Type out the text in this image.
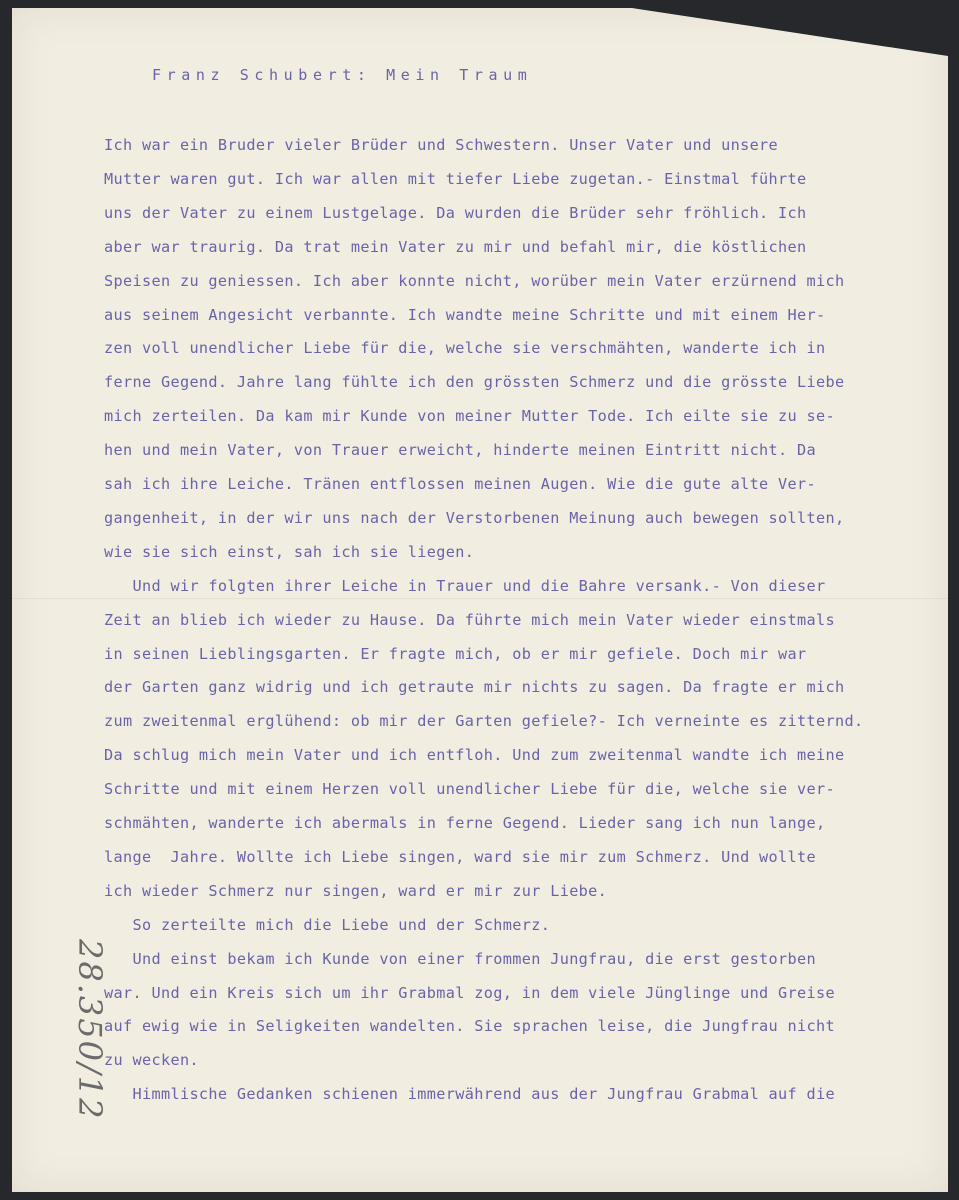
Franz Schubert: Mein Traum
Ich war ein Bruder vieler Brüder und Schwestern. Unser Vater und unsere
Mutter waren gut. Ich war allen mit tiefer Liebe zugetan.- Einstmal führte
uns der Vater zu einem Lustgelage. Da wurden die Brüder sehr fröhlich. Ich
aber war traurig. Da trat mein Vater zu mir und befahl mir, die köstlichen
Speisen zu geniessen. Ich aber konnte nicht, worüber mein Vater erzürnend mich
aus seinem Angesicht verbannte. Ich wandte meine Schritte und mit einem Her-
zen voll unendlicher Liebe für die, welche sie verschmähten, wanderte ich in
ferne Gegend. Jahre lang fühlte ich den grössten Schmerz und die grösste Liebe
mich zerteilen. Da kam mir Kunde von meiner Mutter Tode. Ich eilte sie zu se-
hen und mein Vater, von Trauer erweicht, hinderte meinen Eintritt nicht. Da
sah ich ihre Leiche. Tränen entflossen meinen Augen. Wie die gute alte Ver-
gangenheit, in der wir uns nach der Verstorbenen Meinung auch bewegen sollten,
wie sie sich einst, sah ich sie liegen.
Und wir folgten ihrer Leiche in Trauer und die Bahre versank.- Von dieser
Zeit an blieb ich wieder zu Hause. Da führte mich mein Vater wieder einstmals
in seinen Lieblingsgarten. Er fragte mich, ob er mir gefiele. Doch mir war
der Garten ganz widrig und ich getraute mir nichts zu sagen. Da fragte er mich
zum zweitenmal erglühend: ob mir der Garten gefiele?- Ich verneinte es zitternd.
Da schlug mich mein Vater und ich entfloh. Und zum zweitenmal wandte ich meine
Schritte und mit einem Herzen voll unendlicher Liebe für die, welche sie ver-
schmähten, wanderte ich abermals in ferne Gegend. Lieder sang ich nun lange,
lange  Jahre. Wollte ich Liebe singen, ward sie mir zum Schmerz. Und wollte
ich wieder Schmerz nur singen, ward er mir zur Liebe.
So zerteilte mich die Liebe und der Schmerz.
Und einst bekam ich Kunde von einer frommen Jungfrau, die erst gestorben
war. Und ein Kreis sich um ihr Grabmal zog, in dem viele Jünglinge und Greise
auf ewig wie in Seligkeiten wandelten. Sie sprachen leise, die Jungfrau nicht
zu wecken.
Himmlische Gedanken schienen immerwährend aus der Jungfrau Grabmal auf die
28.350/12
